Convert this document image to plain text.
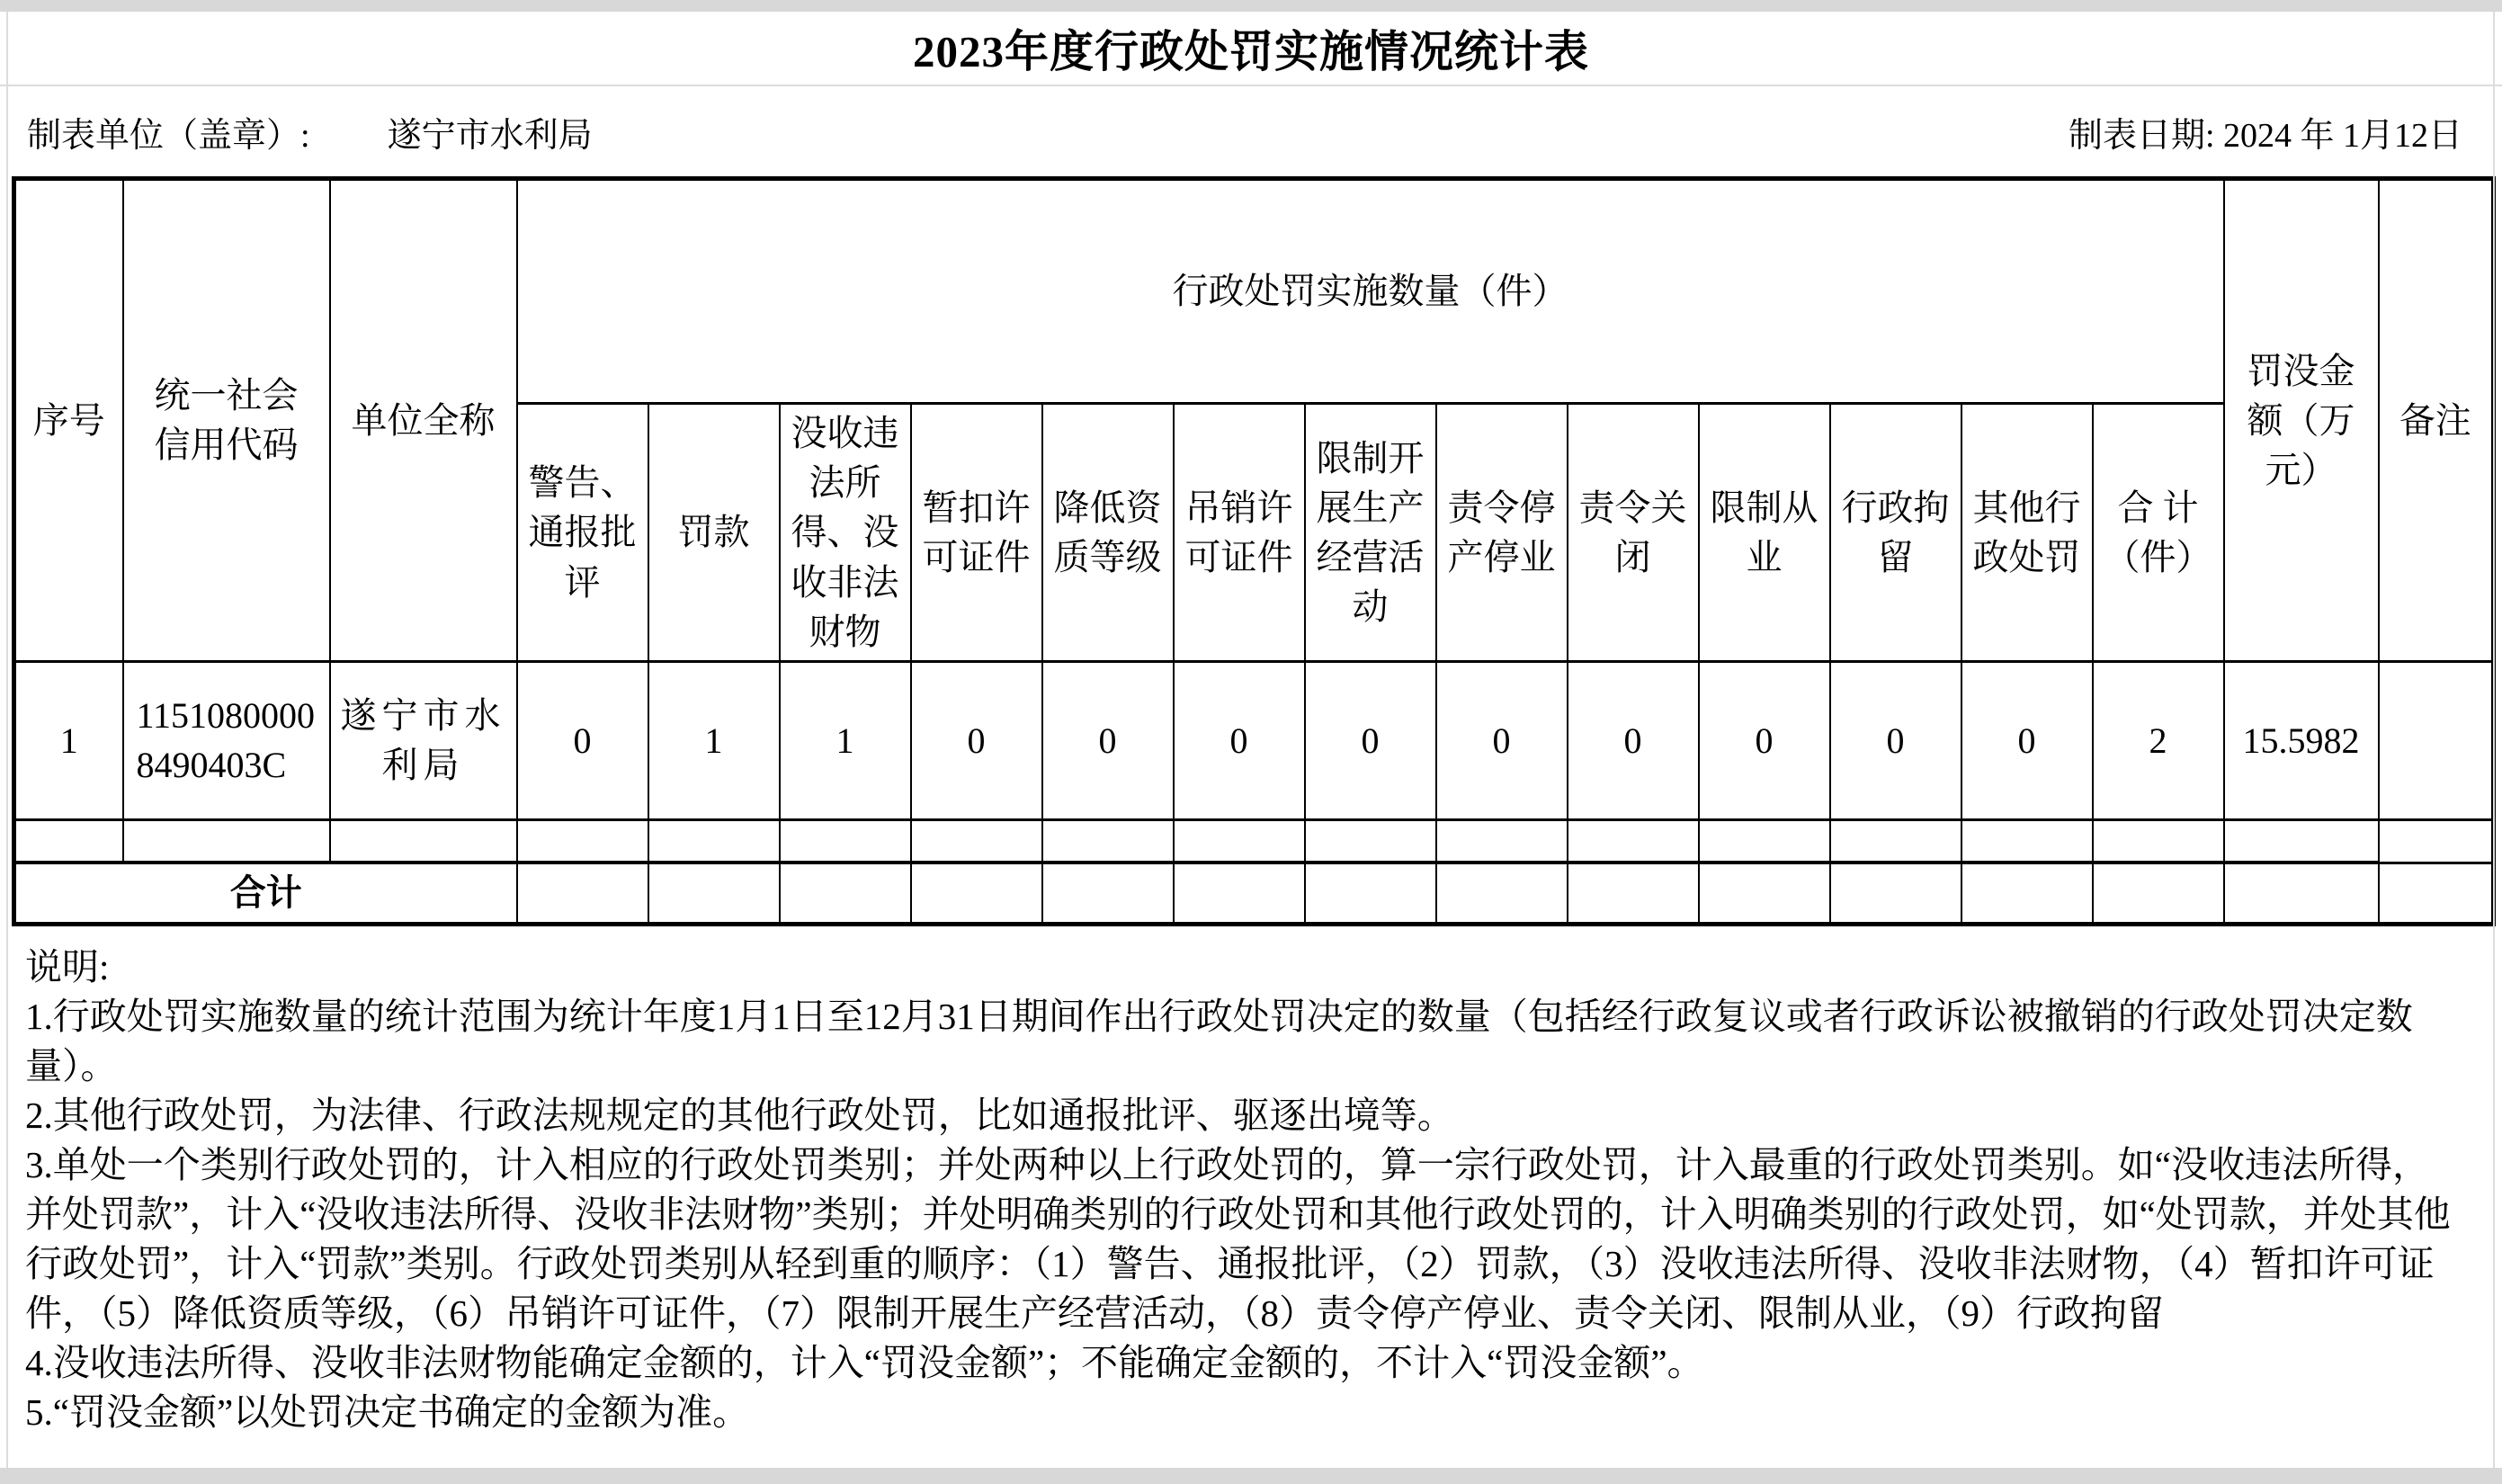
2023年度行政处罚实施情况统计表
制表单位（盖章）: 遂宁市水利局	制表日期: 2024 年 1月12日
序号	统一社会信用代码	单位全称	行政处罚实施数量（件）													罚没金额（万元）	备注
			警告、通报批评	罚款	没收违法所得、没收非法财物	暂扣许可证件	降低资质等级	吊销许可证件	限制开展生产经营活动	责令停产停业	责令关闭	限制从业	行政拘留	其他行政处罚	合 计（件）		
1	11510800008490403C	遂宁市水利局	0	1	1	0	0	0	0	0	0	0	0	0	2	15.5982	

合计																	
说明:
1.行政处罚实施数量的统计范围为统计年度1月1日至12月31日期间作出行政处罚决定的数量（包括经行政复议或者行政诉讼被撤销的行政处罚决定数量）。
2.其他行政处罚，为法律、行政法规规定的其他行政处罚，比如通报批评、驱逐出境等。
3.单处一个类别行政处罚的，计入相应的行政处罚类别；并处两种以上行政处罚的，算一宗行政处罚，计入最重的行政处罚类别。如“没收违法所得，并处罚款”，计入“没收违法所得、没收非法财物”类别；并处明确类别的行政处罚和其他行政处罚的，计入明确类别的行政处罚，如“处罚款，并处其他行政处罚”，计入“罚款”类别。行政处罚类别从轻到重的顺序：（1）警告、通报批评，（2）罚款，（3）没收违法所得、没收非法财物，（4）暂扣许可证件，（5）降低资质等级，（6）吊销许可证件，（7）限制开展生产经营活动，（8）责令停产停业、责令关闭、限制从业，（9）行政拘留
4.没收违法所得、没收非法财物能确定金额的，计入“罚没金额”；不能确定金额的，不计入“罚没金额”。
5.“罚没金额”以处罚决定书确定的金额为准。
